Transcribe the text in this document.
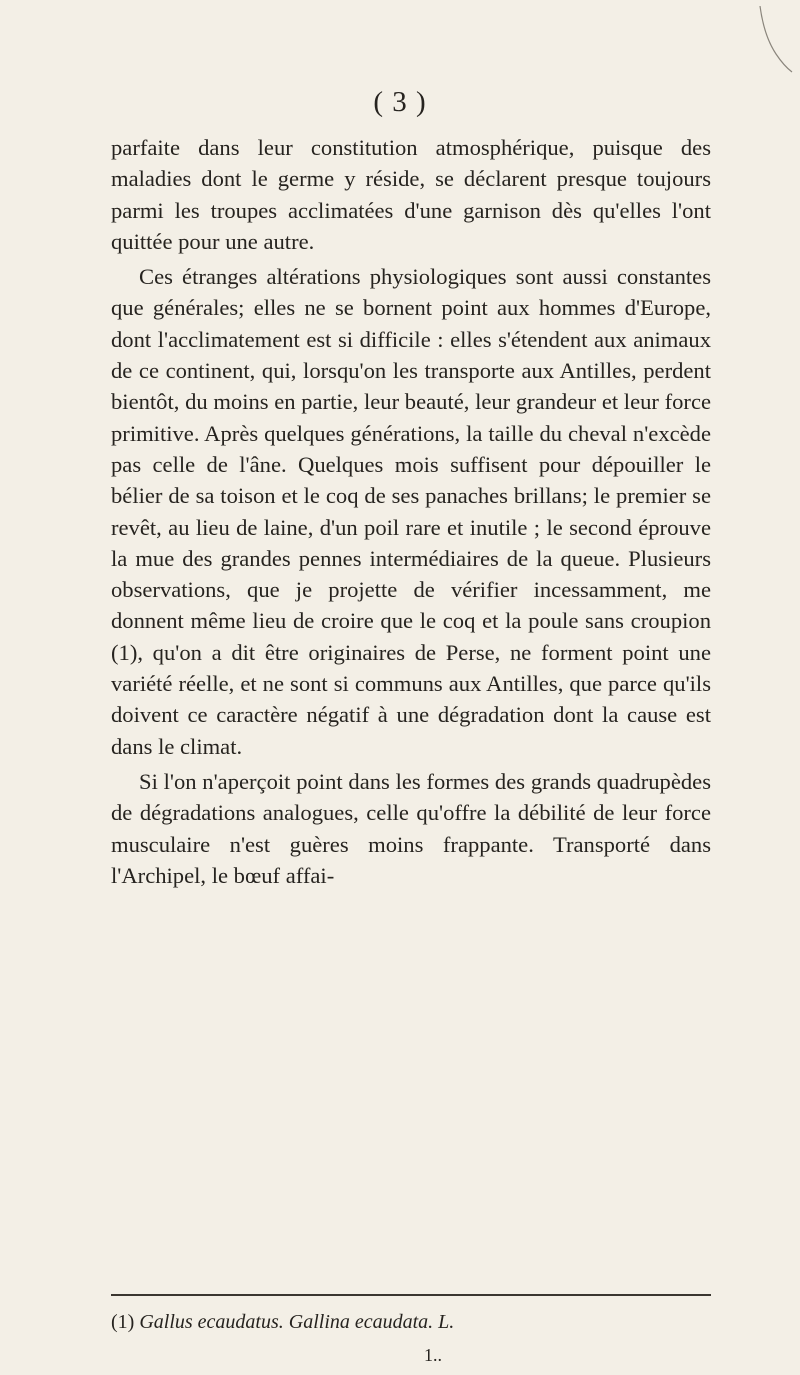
( 3 )

parfaite dans leur constitution atmosphérique, puisque des maladies dont le germe y réside, se déclarent presque toujours parmi les troupes acclimatées d'une garnison dès qu'elles l'ont quittée pour une autre.

Ces étranges altérations physiologiques sont aussi constantes que générales; elles ne se bornent point aux hommes d'Europe, dont l'acclimatement est si difficile : elles s'étendent aux animaux de ce continent, qui, lorsqu'on les transporte aux Antilles, perdent bientôt, du moins en partie, leur beauté, leur grandeur et leur force primitive. Après quelques générations, la taille du cheval n'excède pas celle de l'âne. Quelques mois suffisent pour dépouiller le bélier de sa toison et le coq de ses panaches brillans; le premier se revêt, au lieu de laine, d'un poil rare et inutile ; le second éprouve la mue des grandes pennes intermédiaires de la queue. Plusieurs observations, que je projette de vérifier incessamment, me donnent même lieu de croire que le coq et la poule sans croupion (1), qu'on a dit être originaires de Perse, ne forment point une variété réelle, et ne sont si communs aux Antilles, que parce qu'ils doivent ce caractère négatif à une dégradation dont la cause est dans le climat.

Si l'on n'aperçoit point dans les formes des grands quadrupèdes de dégradations analogues, celle qu'offre la débilité de leur force musculaire n'est guères moins frappante. Transporté dans l'Archipel, le bœuf affai-

(1) Gallus ecaudatus. Gallina ecaudata. L.
1..
